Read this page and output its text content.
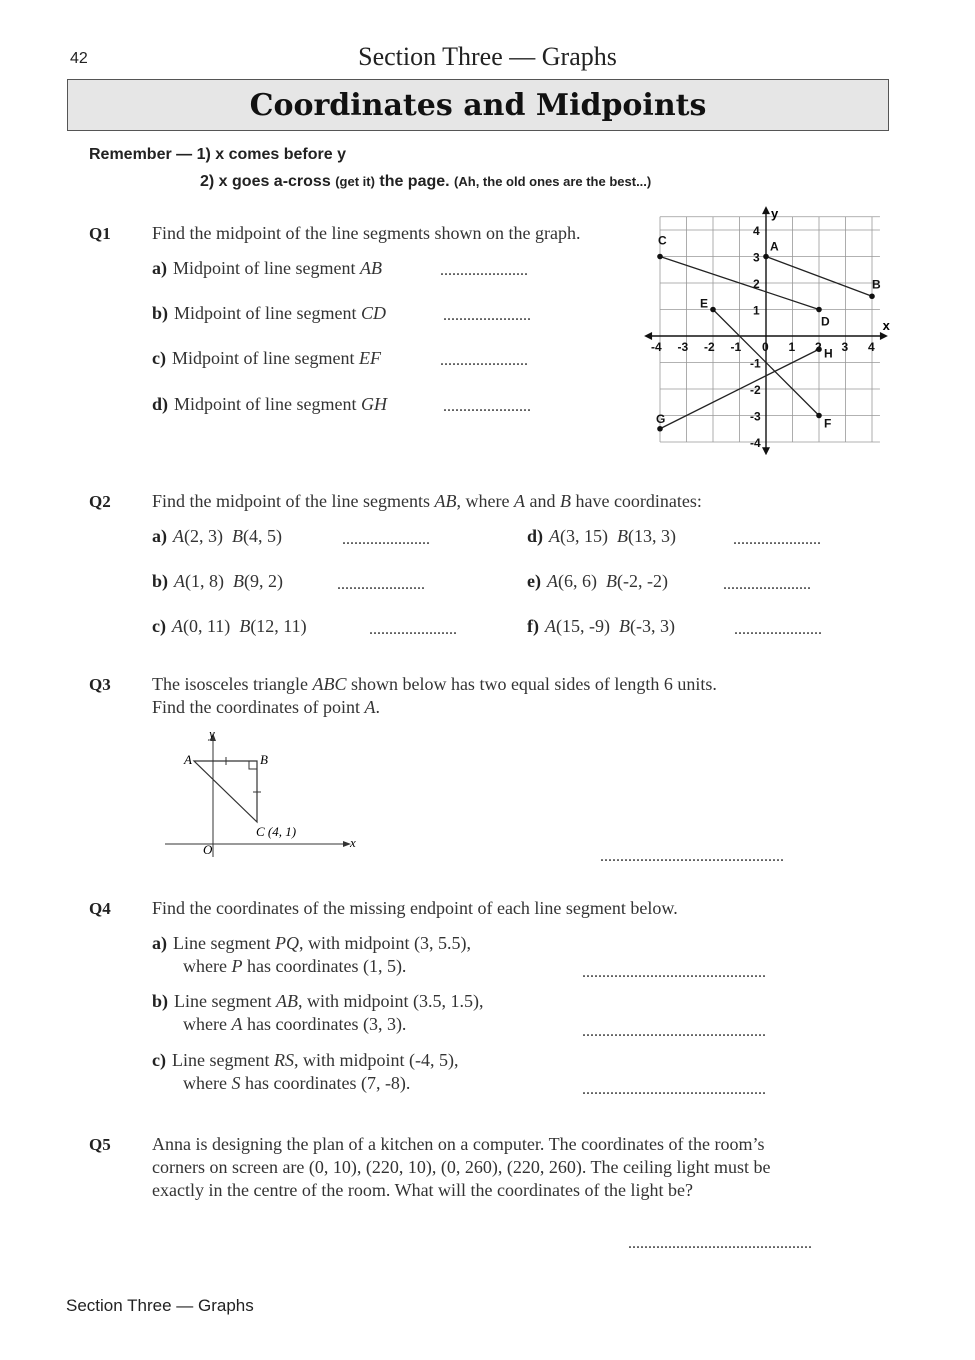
42	Section Three — Graphs
Coordinates and Midpoints
Remember — 1) x comes before y
2) x goes a-cross (get it) the page. (Ah, the old ones are the best...)
Q1 Find the midpoint of the line segments shown on the graph.
a) Midpoint of line segment AB	......................
b) Midpoint of line segment CD	......................
c) Midpoint of line segment EF	......................
d) Midpoint of line segment GH	......................
A
B
C
D
E
F
G
H
-4 -3 -2 -1 0 1 2 3 4
4
3
2
1
-1
-2
-3
-4
x
y
Q2 Find the midpoint of the line segments AB, where A and B have coordinates:
a) A(2, 3) B(4, 5)	......................
b) A(1, 8) B(9, 2)	......................
c) A(0, 11) B(12, 11)	......................
d) A(3, 15) B(13, 3)	......................
e) A(6, 6) B(-2, -2)	......................
f) A(15, -9) B(-3, 3)	......................
Q3 The isosceles triangle ABC shown below has two equal sides of length 6 units.
Find the coordinates of point A.
A	B
C (4, 1)
O
y
x
..............................................
Q4 Find the coordinates of the missing endpoint of each line segment below.
a) Line segment PQ, with midpoint (3, 5.5),
where P has coordinates (1, 5).	..............................................
b) Line segment AB, with midpoint (3.5, 1.5),
where A has coordinates (3, 3).	..............................................
c) Line segment RS, with midpoint (-4, 5),
where S has coordinates (7, -8).	..............................................
Q5 Anna is designing the plan of a kitchen on a computer. The coordinates of the room’s
corners on screen are (0, 10), (220, 10), (0, 260), (220, 260). The ceiling light must be
exactly in the centre of the room. What will the coordinates of the light be?
..............................................
Section Three — Graphs
